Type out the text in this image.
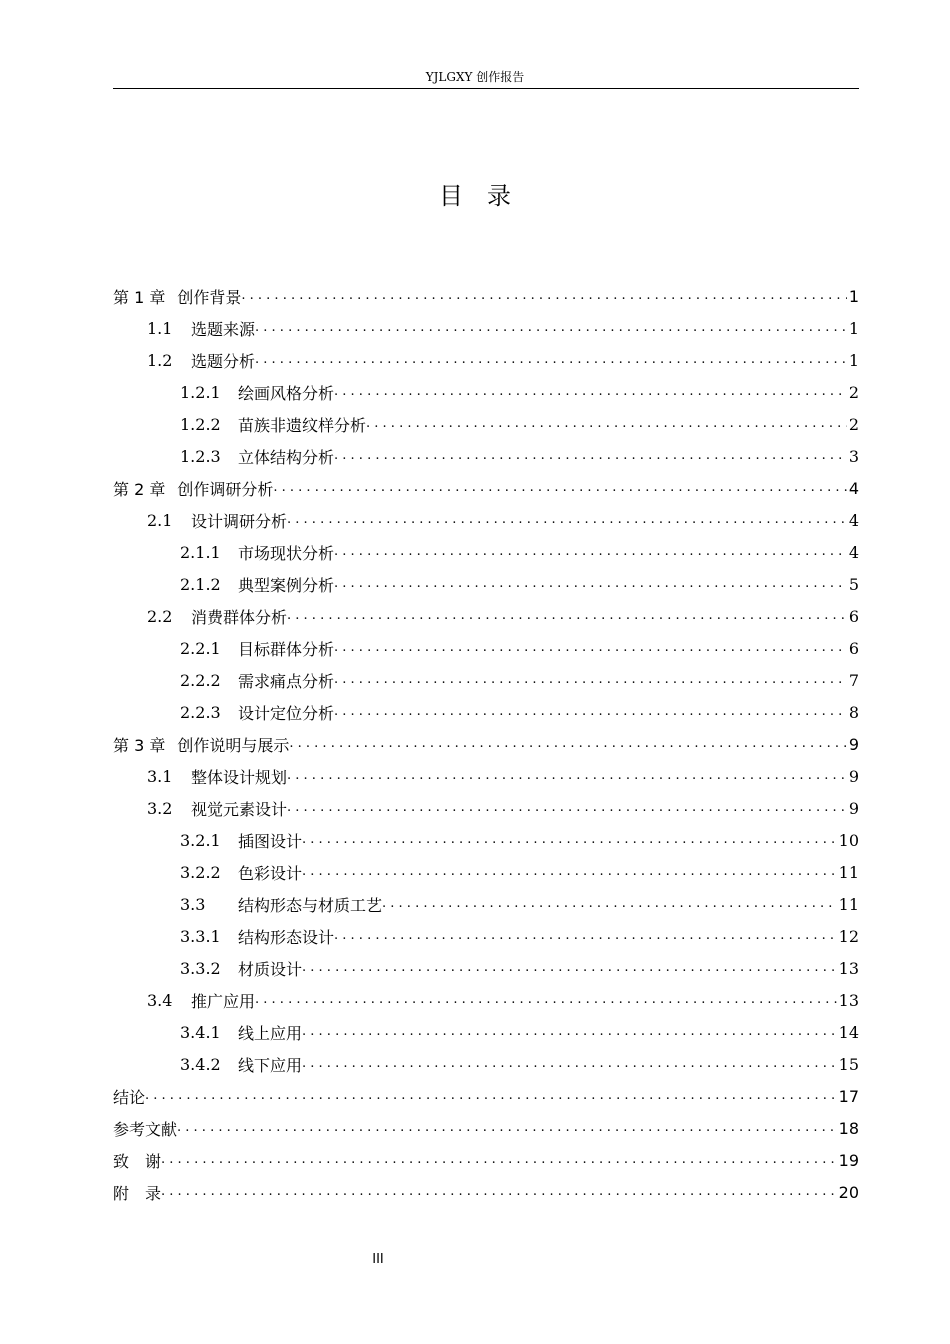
YJLGXY 创作报告
目录
第 1 章 创作背景 . . .	1
1.1	选题来源 . . .	1
1.2	选题分析 . . .	1
1.2.1	绘画风格分析 . . .	2
1.2.2	苗族非遗纹样分析 . . .	2
1.2.3	立体结构分析 . . .	3
第 2 章 创作调研分析 . . .	4
2.1	设计调研分析 . . .	4
2.1.1	市场现状分析 . . .	4
2.1.2	典型案例分析 . . .	5
2.2	消费群体分析 . . .	6
2.2.1	目标群体分析 . . .	6
2.2.2	需求痛点分析 . . .	7
2.2.3	设计定位分析 . . .	8
第 3 章 创作说明与展示 . . .	9
3.1	整体设计规划 . . .	9
3.2	视觉元素设计 . . .	9
3.2.1	插图设计 . . .	10
3.2.2	色彩设计 . . .	11
3.3	结构形态与材质工艺 . . .	11
3.3.1	结构形态设计 . . .	12
3.3.2	材质设计 . . .	13
3.4	推广应用 . . .	13
3.4.1	线上应用 . . .	14
3.4.2	线下应用 . . .	15
结论 . . .	17
参考文献 . . .	18
致　谢 . . .	19
附　录 . . .	20
III
